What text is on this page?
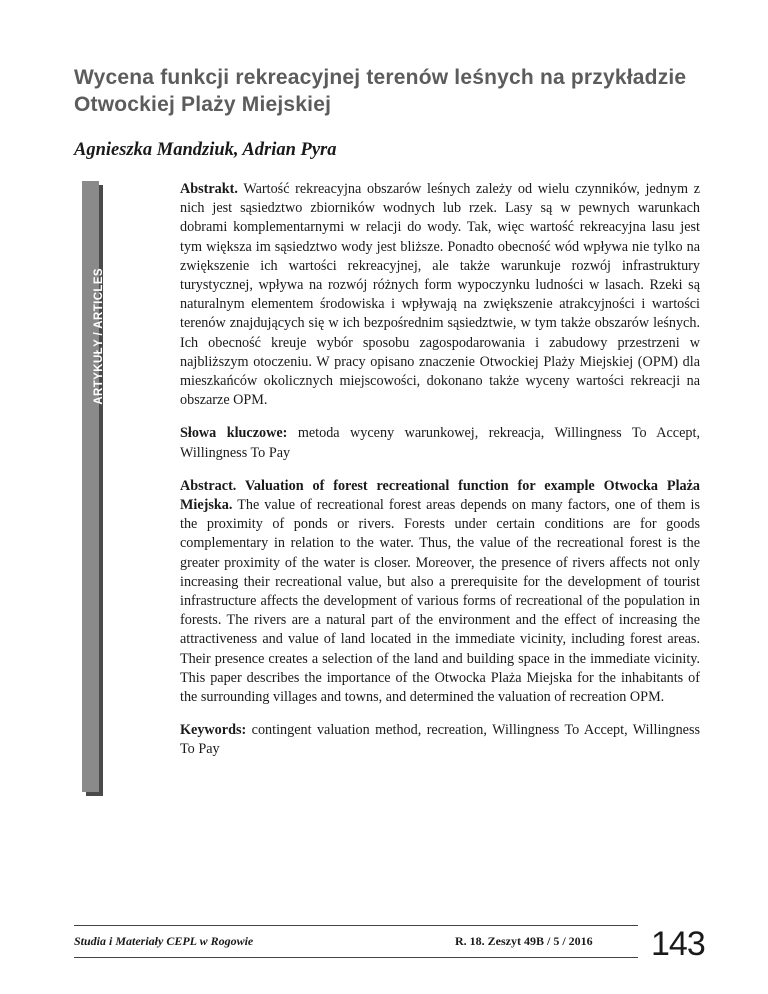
Wycena funkcji rekreacyjnej terenów leśnych na przykładzie Otwockiej Plaży Miejskiej
Agnieszka Mandziuk, Adrian Pyra
ARTYKUŁY / ARTICLES

Abstrakt. Wartość rekreacyjna obszarów leśnych zależy od wielu czynników, jednym z nich jest sąsiedztwo zbiorników wodnych lub rzek. Lasy są w pewnych warunkach dobrami komplementarnymi w relacji do wody. Tak, więc wartość rekreacyjna lasu jest tym większa im sąsiedztwo wody jest bliższe. Ponadto obecność wód wpływa nie tylko na zwiększenie ich wartości rekreacyjnej, ale także warunkuje rozwój infrastruktury turystycznej, wpływa na rozwój różnych form wypoczynku ludności w lasach. Rzeki są naturalnym elementem środowiska i wpływają na zwiększenie atrakcyjności i wartości terenów znajdujących się w ich bezpośrednim sąsiedztwie, w tym także obszarów leśnych. Ich obecność kreuje wybór sposobu zagospodarowania i zabudowy przestrzeni w najbliższym otoczeniu. W pracy opisano znaczenie Otwockiej Plaży Miejskiej (OPM) dla mieszkańców okolicznych miejscowości, dokonano także wyceny wartości rekreacji na obszarze OPM.

Słowa kluczowe: metoda wyceny warunkowej, rekreacja, Willingness To Accept, Willingness To Pay

Abstract. Valuation of forest recreational function for example Otwocka Plaża Miejska. The value of recreational forest areas depends on many factors, one of them is the proximity of ponds or rivers. Forests under certain conditions are for goods complementary in relation to the water. Thus, the value of the recreational forest is the greater proximity of the water is closer. Moreover, the presence of rivers affects not only increasing their recreational value, but also a prerequisite for the development of tourist infrastructure affects the development of various forms of recreational of the population in forests. The rivers are a natural part of the environment and the effect of increasing the attractiveness and value of land located in the immediate vicinity, including forest areas. Their presence creates a selection of the land and building space in the immediate vicinity. This paper describes the importance of the Otwocka Plaża Miejska for the inhabitants of the surrounding villages and towns, and determined the valuation of recreation OPM.

Keywords: contingent valuation method, recreation, Willingness To Accept, Willingness To Pay

Studia i Materiały CEPL w Rogowie	R. 18. Zeszyt 49B / 5 / 2016 143
